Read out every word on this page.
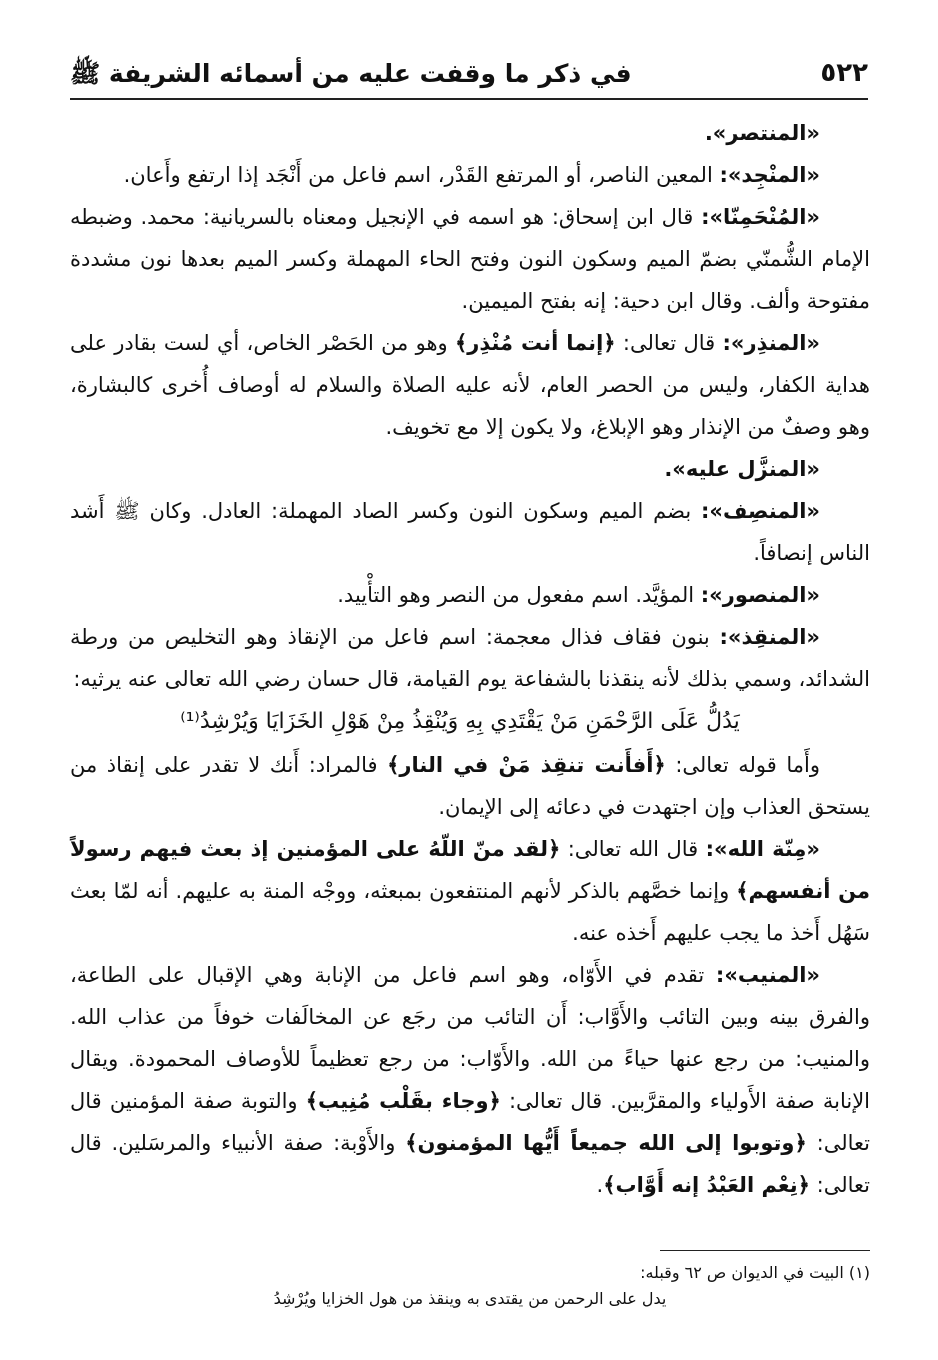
٥٢٢
في ذكر ما وقفت عليه من أسمائه الشريفة ﷺ

«المنتصر».

«المنْجِد»: المعين الناصر، أو المرتفع القَدْر، اسم فاعل من أَنْجَد إذا ارتفع وأَعان.

«المُنْحَمِنّا»: قال ابن إسحاق: هو اسمه في الإنجيل ومعناه بالسريانية: محمد. وضبطه الإمام الشُّمنّي بضمّ الميم وسكون النون وفتح الحاء المهملة وكسر الميم بعدها نون مشددة مفتوحة وألف. وقال ابن دحية: إنه بفتح الميمين.

«المنذِر»: قال تعالى: ﴿إنما أنت مُنْذِر﴾ وهو من الحَصْر الخاص، أي لست بقادر على هداية الكفار، وليس من الحصر العام، لأنه عليه الصلاة والسلام له أوصاف أُخرى كالبشارة، وهو وصفٌ من الإنذار وهو الإبلاغ، ولا يكون إلا مع تخويف.

«المنزَّل عليه».

«المنصِف»: بضم الميم وسكون النون وكسر الصاد المهملة: العادل. وكان ﷺ أَشد الناس إنصافاً.

«المنصور»: المؤيَّد. اسم مفعول من النصر وهو التأْييد.

«المنقِذ»: بنون فقاف فذال معجمة: اسم فاعل من الإنقاذ وهو التخليص من ورطة الشدائد، وسمي بذلك لأنه ينقذنا بالشفاعة يوم القيامة، قال حسان رضي الله تعالى عنه يرثيه:

يَدُلُّ عَلَى الرَّحْمَنِ مَنْ يَقْتَدِي بِهِ وَيُنْقِذُ مِنْ هَوْلِ الخَزَايَا وَيُرْشِدُ⁽¹⁾

وأَما قوله تعالى: ﴿أَفأَنت تنقِذ مَنْ في النار﴾ فالمراد: أَنك لا تقدر على إنقاذ من يستحق العذاب وإن اجتهدت في دعائه إلى الإيمان.

«مِنّة الله»: قال الله تعالى: ﴿لقد منّ اللّهُ على المؤمنين إذ بعث فيهم رسولاً من أنفسهم﴾ وإنما خصَّهم بالذكر لأنهم المنتفعون بمبعثه، ووجْه المنة به عليهم. أنه لمّا بعث سَهُل أَخذ ما يجب عليهم أَخذه عنه.

«المنيب»: تقدم في الأَوّاه، وهو اسم فاعل من الإنابة وهي الإقبال على الطاعة، والفرق بينه وبين التائب والأَوَّاب: أَن التائب من رجَع عن المخالَفات خوفاً من عذاب الله. والمنيب: من رجع عنها حياءً من الله. والأَوّاب: من رجع تعظيماً للأوصاف المحمودة. ويقال الإنابة صفة الأَولياء والمقرَّبين. قال تعالى: ﴿وجاء بقَلْب مُنِيب﴾ والتوبة صفة المؤمنين قال تعالى: ﴿وتوبوا إلى الله جميعاً أَيُّها المؤمنون﴾ والأَوْبة: صفة الأنبياء والمرسَلين. قال تعالى: ﴿نِعْم العَبْدُ إنه أَوَّاب﴾.

(١) البيت في الديوان ص ٦٢ وقبله:

يدل على الرحمن من يقتدى به وينقذ من هول الخزايا ويُرْشِدُ
